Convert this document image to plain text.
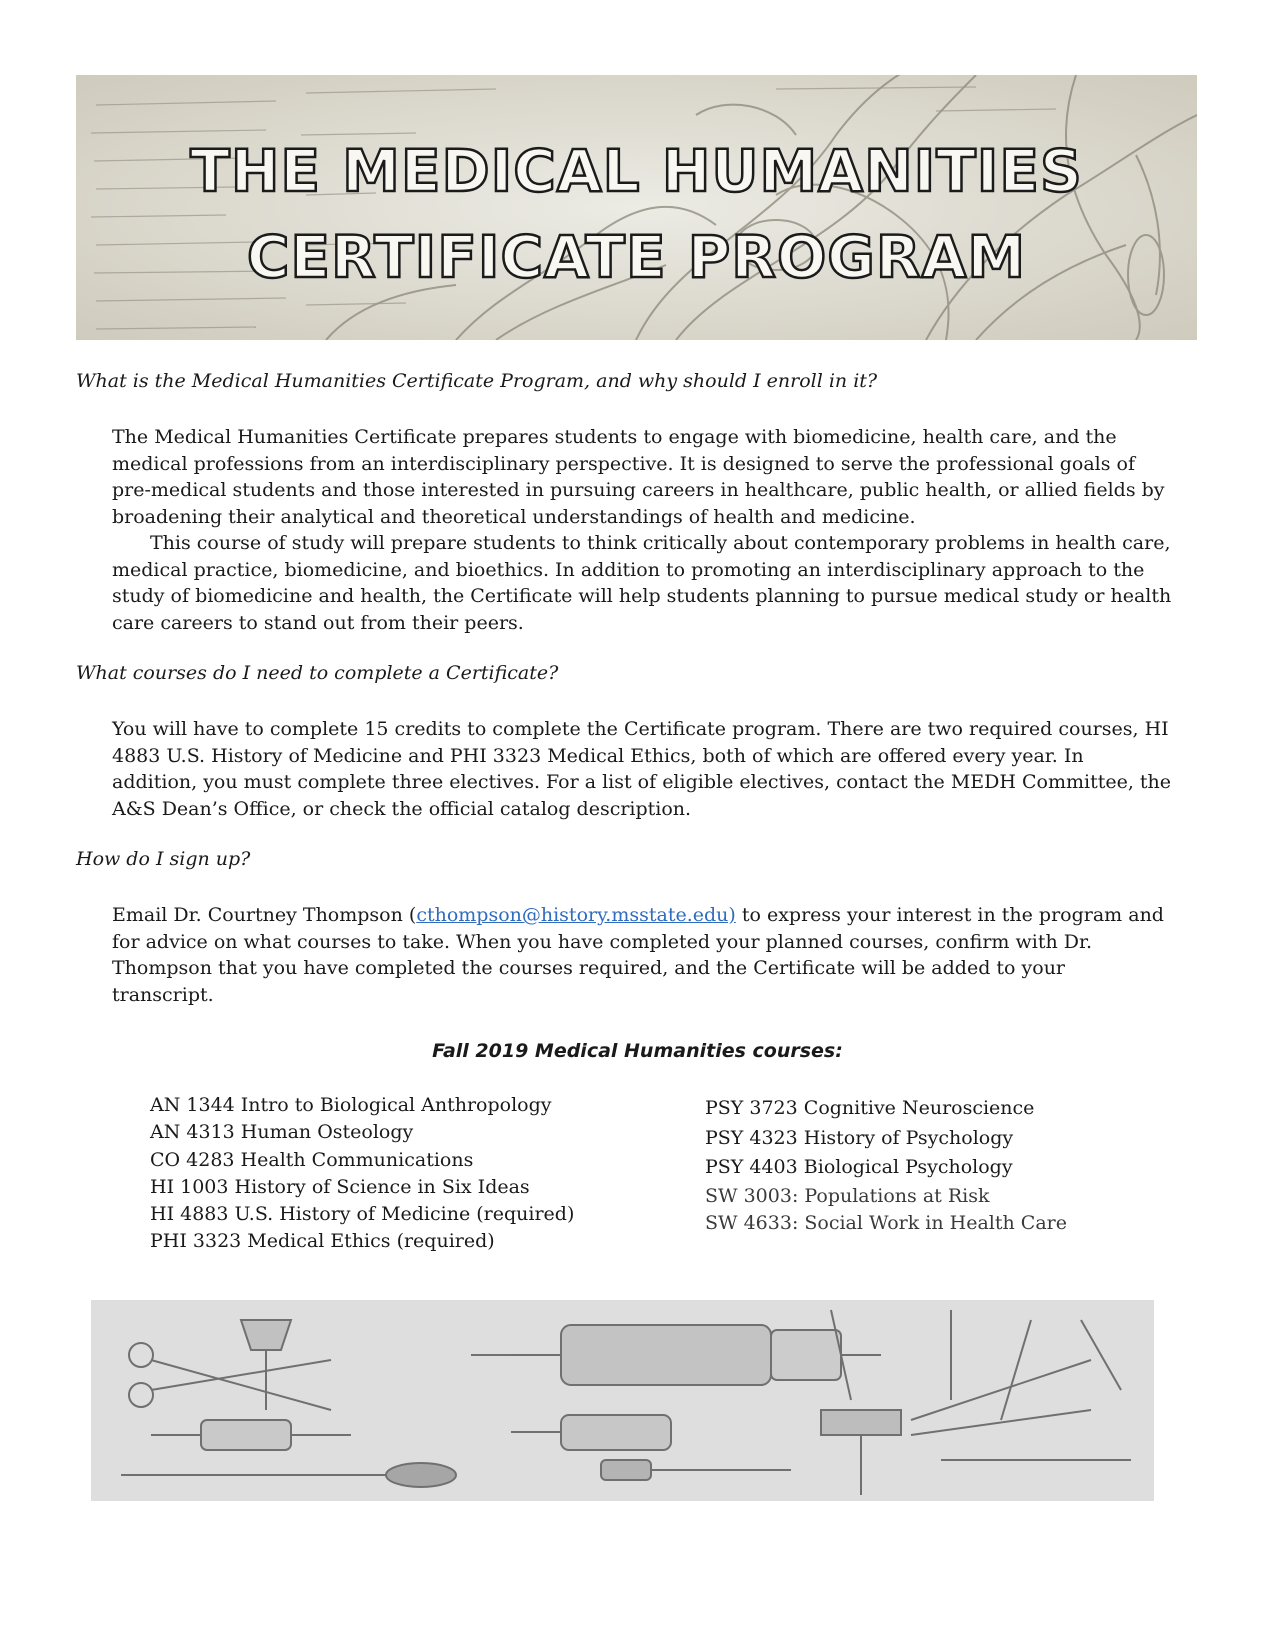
THE MEDICAL HUMANITIES
CERTIFICATE PROGRAM
What is the Medical Humanities Certificate Program, and why should I enroll in it?

The Medical Humanities Certificate prepares students to engage with biomedicine, health care, and the medical professions from an interdisciplinary perspective. It is designed to serve the professional goals of pre-medical students and those interested in pursuing careers in healthcare, public health, or allied fields by broadening their analytical and theoretical understandings of health and medicine.

This course of study will prepare students to think critically about contemporary problems in health care, medical practice, biomedicine, and bioethics. In addition to promoting an interdisciplinary approach to the study of biomedicine and health, the Certificate will help students planning to pursue medical study or health care careers to stand out from their peers.

What courses do I need to complete a Certificate?

You will have to complete 15 credits to complete the Certificate program. There are two required courses, HI 4883 U.S. History of Medicine and PHI 3323 Medical Ethics, both of which are offered every year. In addition, you must complete three electives. For a list of eligible electives, contact the MEDH Committee, the A&S Dean’s Office, or check the official catalog description.

How do I sign up?

Email Dr. Courtney Thompson (cthompson@history.msstate.edu) to express your interest in the program and for advice on what courses to take. When you have completed your planned courses, confirm with Dr. Thompson that you have completed the courses required, and the Certificate will be added to your transcript.

Fall 2019 Medical Humanities courses:
AN 1344 Intro to Biological Anthropology
AN 4313 Human Osteology
CO 4283 Health Communications
HI 1003 History of Science in Six Ideas
HI 4883 U.S. History of Medicine (required)
PHI 3323 Medical Ethics (required)
PSY 3723 Cognitive Neuroscience
PSY 4323 History of Psychology
PSY 4403 Biological Psychology
SW 3003: Populations at Risk
SW 4633: Social Work in Health Care
